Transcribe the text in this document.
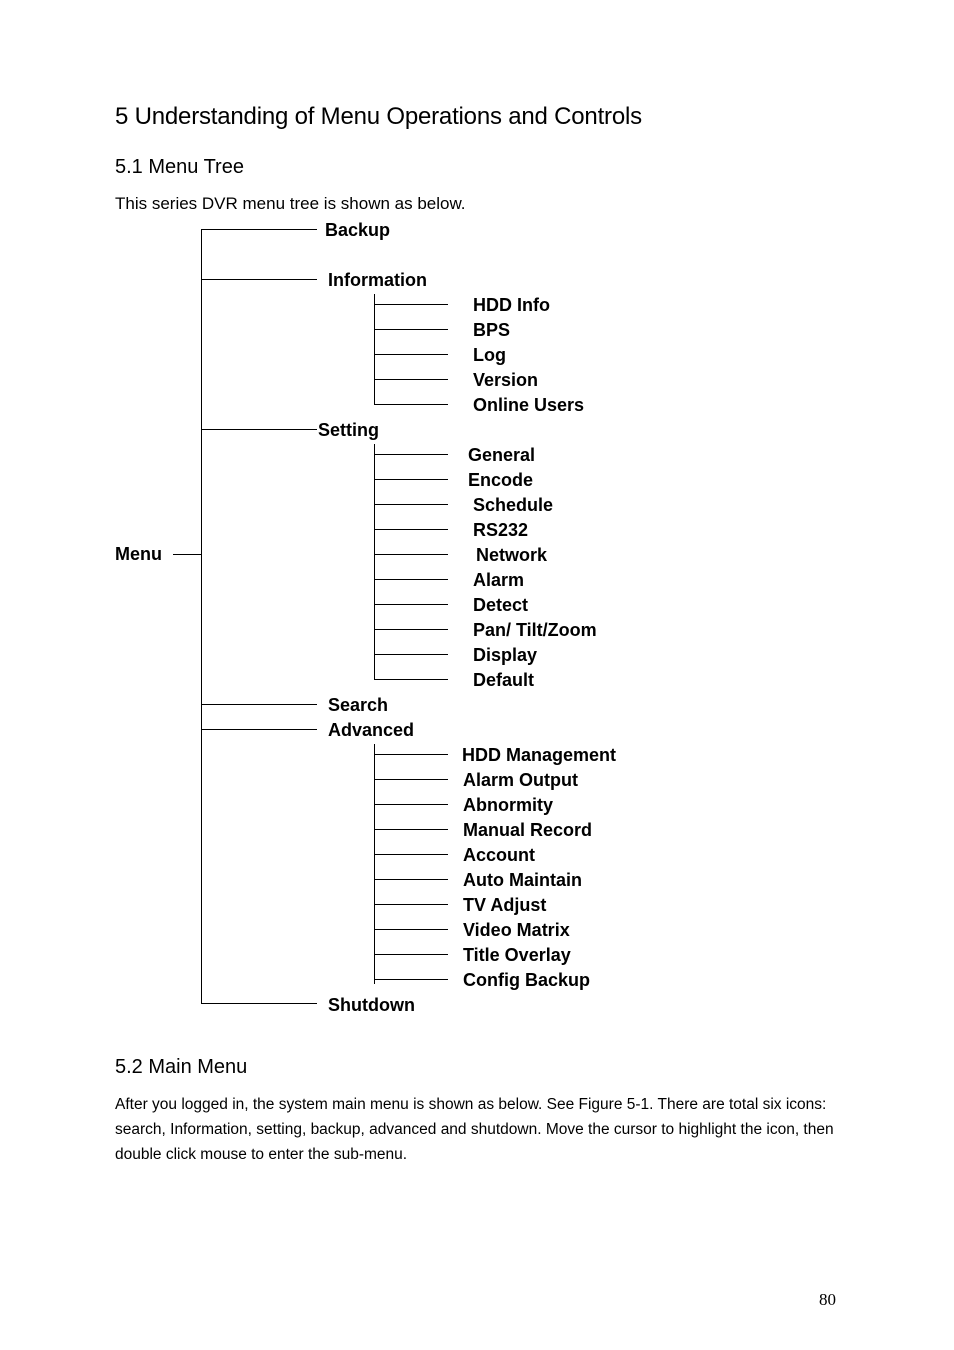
5 Understanding of Menu Operations and Controls
5.1 Menu Tree
This series DVR menu tree is shown as below.
Menu
Backup
Information
Setting
Search
Advanced
Shutdown
HDD Info
BPS
Log
Version
Online Users
General
Encode
Schedule
RS232
Network
Alarm
Detect
Pan/ Tilt/Zoom
Display
Default
HDD Management
Alarm Output
Abnormity
Manual Record
Account
Auto Maintain
TV Adjust
Video Matrix
Title Overlay
Config Backup
5.2 Main Menu
After you logged in, the system main menu is shown as below. See Figure 5-1. There are total six icons: search, Information, setting, backup, advanced and shutdown. Move the cursor to highlight the icon, then double click mouse to enter the sub-menu.
80
